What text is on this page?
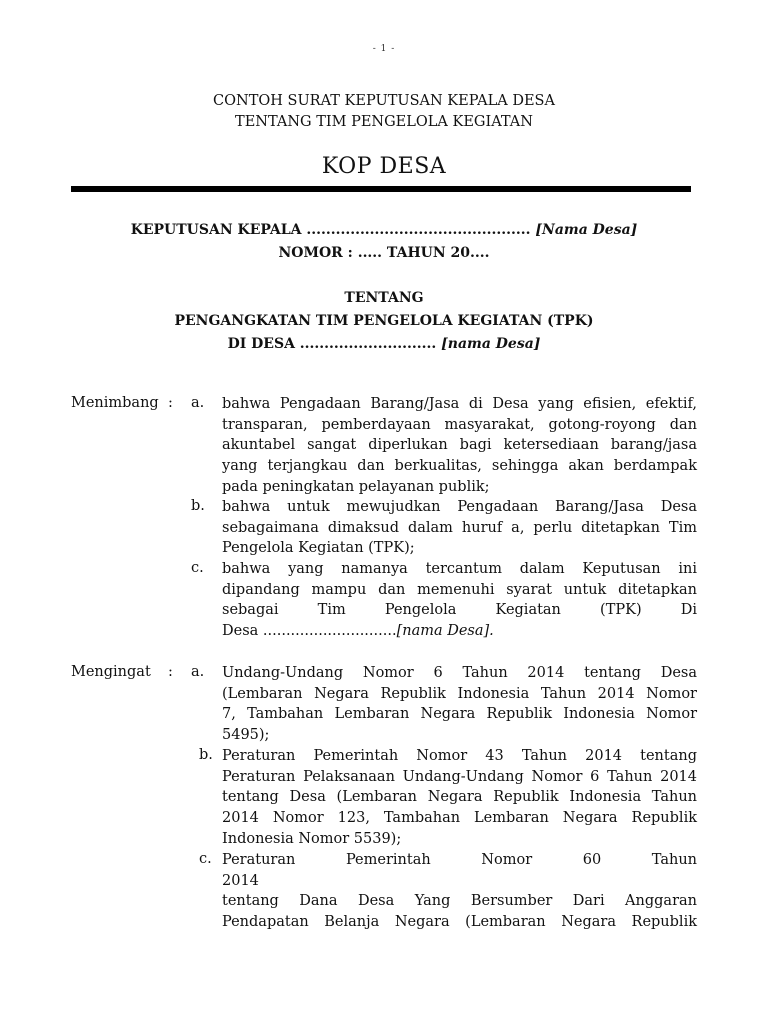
- 1 -
CONTOH SURAT KEPUTUSAN KEPALA DESA
TENTANG TIM PENGELOLA KEGIATAN
KOP DESA
KEPUTUSAN KEPALA .............................................. [Nama Desa]
NOMOR : ..... TAHUN 20....
TENTANG
PENGANGKATAN TIM PENGELOLA KEGIATAN (TPK)
DI DESA ............................ [nama Desa]
Menimbang : a. bahwa Pengadaan Barang/Jasa di Desa yang efisien, efektif,
transparan, pemberdayaan masyarakat, gotong-royong dan
akuntabel sangat diperlukan bagi ketersediaan barang/jasa
yang terjangkau dan berkualitas, sehingga akan berdampak
pada peningkatan pelayanan publik;
b. bahwa untuk mewujudkan Pengadaan Barang/Jasa Desa
sebagaimana dimaksud dalam huruf a, perlu ditetapkan Tim
Pengelola Kegiatan (TPK);
c. bahwa yang namanya tercantum dalam Keputusan ini
dipandang mampu dan memenuhi syarat untuk ditetapkan
sebagai Tim Pengelola Kegiatan (TPK) Di
Desa .............................[nama Desa].
Mengingat : a. Undang-Undang Nomor 6 Tahun 2014 tentang Desa
(Lembaran Negara Republik Indonesia Tahun 2014 Nomor
7, Tambahan Lembaran Negara Republik Indonesia Nomor
5495);
b. Peraturan Pemerintah Nomor 43 Tahun 2014 tentang
Peraturan Pelaksanaan Undang-Undang Nomor 6 Tahun 2014
tentang Desa (Lembaran Negara Republik Indonesia Tahun
2014 Nomor 123, Tambahan Lembaran Negara Republik
Indonesia Nomor 5539);
c. Peraturan Pemerintah Nomor 60 Tahun 2014
tentang Dana Desa Yang Bersumber Dari Anggaran
Pendapatan Belanja Negara (Lembaran Negara Republik
